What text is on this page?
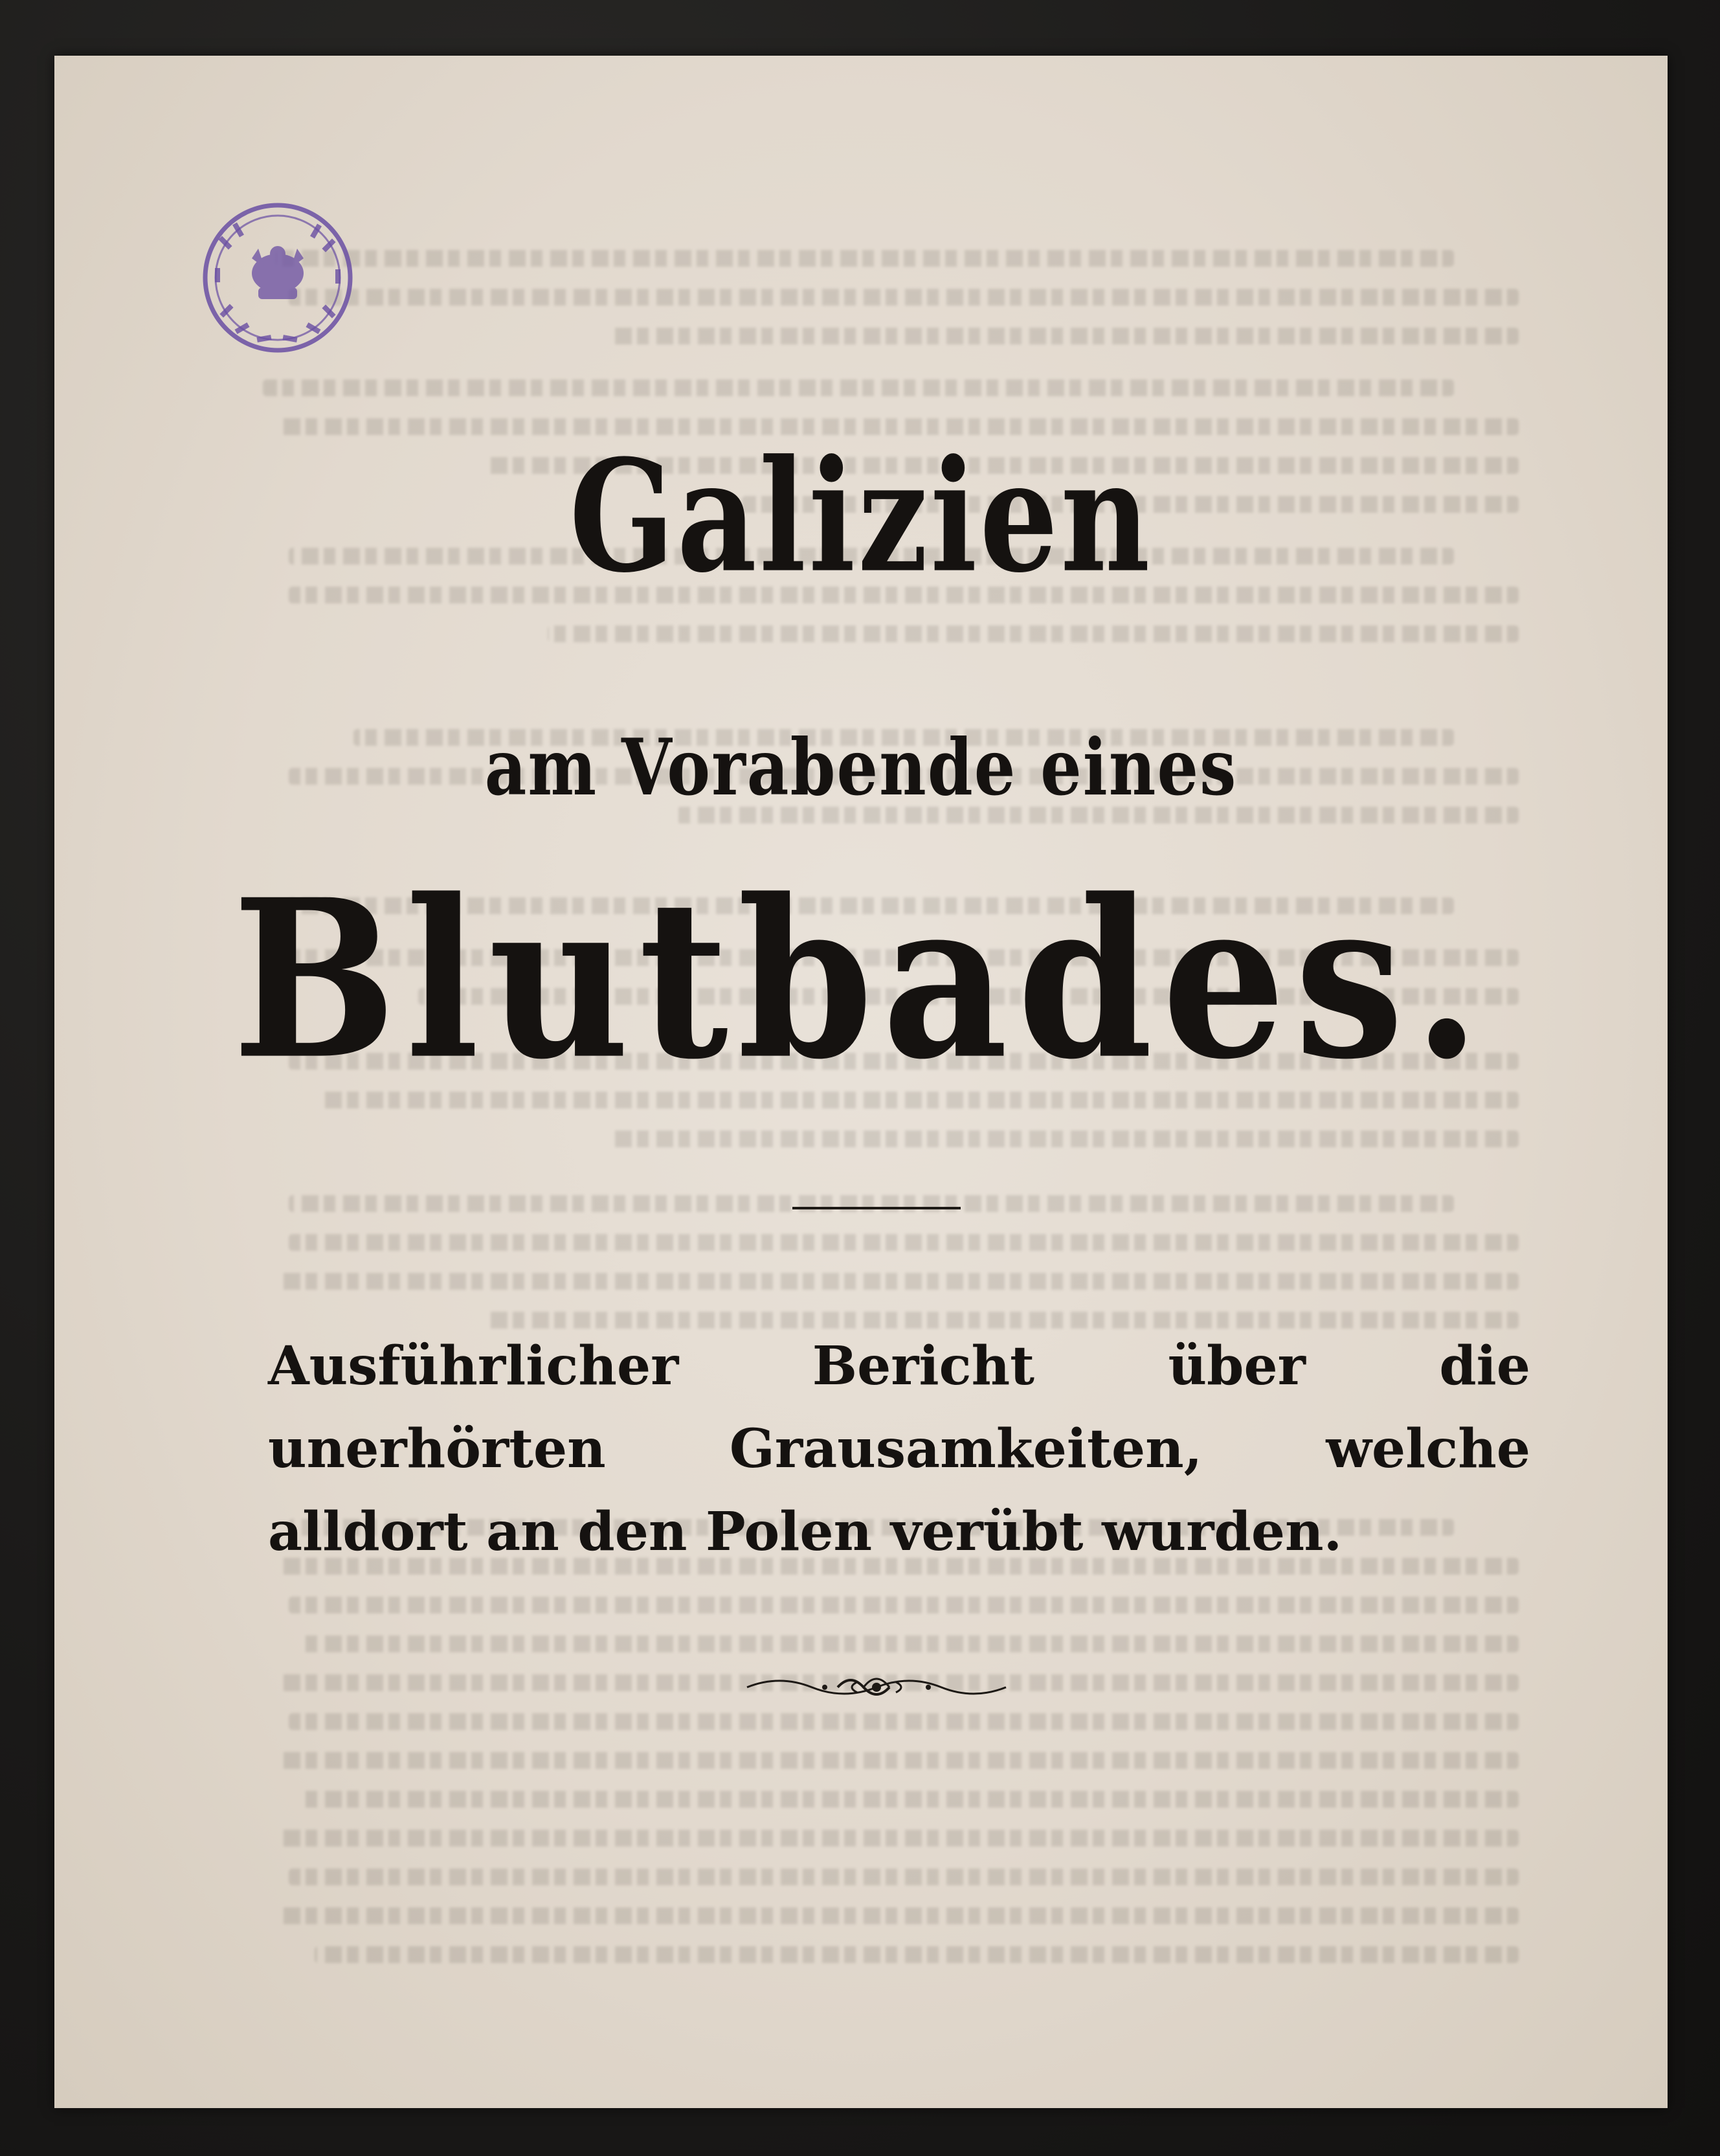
Galizien
am Vorabende eines
Blutbades.

Ausführlicher Bericht über die unerhörten Grausamkeiten, welche alldort an den Polen verübt wurden.
